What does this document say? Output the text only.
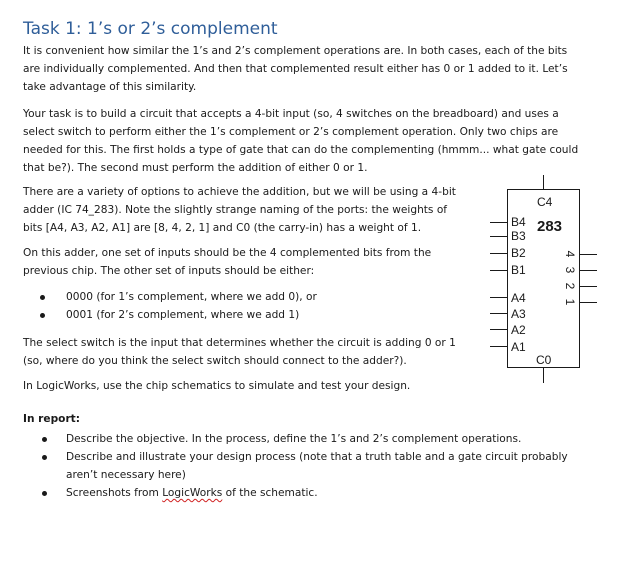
Task 1: 1’s or 2’s complement
It is convenient how similar the 1’s and 2’s complement operations are. In both cases, each of the bits
are individually complemented. And then that complemented result either has 0 or 1 added to it. Let’s
take advantage of this similarity.
Your task is to build a circuit that accepts a 4-bit input (so, 4 switches on the breadboard) and uses a
select switch to perform either the 1’s complement or 2’s complement operation. Only two chips are
needed for this. The first holds a type of gate that can do the complementing (hmmm... what gate could
that be?). The second must perform the addition of either 0 or 1.
There are a variety of options to achieve the addition, but we will be using a 4-bit
adder (IC 74_283). Note the slightly strange naming of the ports: the weights of
bits [A4, A3, A2, A1] are [8, 4, 2, 1] and C0 (the carry-in) has a weight of 1.
On this adder, one set of inputs should be the 4 complemented bits from the
previous chip. The other set of inputs should be either:
0000 (for 1’s complement, where we add 0), or
0001 (for 2’s complement, where we add 1)
The select switch is the input that determines whether the circuit is adding 0 or 1
(so, where do you think the select switch should connect to the adder?).
In LogicWorks, use the chip schematics to simulate and test your design.
In report:
Describe the objective. In the process, define the 1’s and 2’s complement operations.
Describe and illustrate your design process (note that a truth table and a gate circuit probably
aren’t necessary here)
Screenshots from LogicWorks of the schematic.
C4
283
B4
B3
B2
B1
A4
A3
A2
A1
4
3
2
1
C0
